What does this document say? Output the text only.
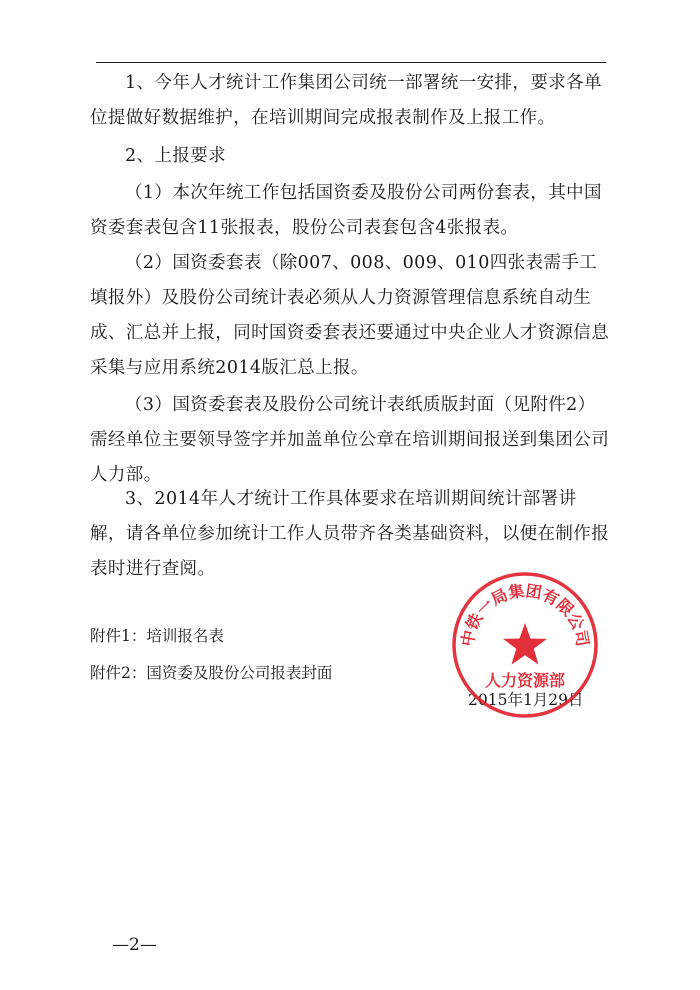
1、今年人才统计工作集团公司统一部署统一安排，要求各单位提做好数据维护，在培训期间完成报表制作及上报工作。

2、上报要求

（1）本次年统工作包括国资委及股份公司两份套表，其中国资委套表包含11张报表，股份公司表套包含4张报表。

（2）国资委套表（除007、008、009、010四张表需手工填报外）及股份公司统计表必须从人力资源管理信息系统自动生成、汇总并上报，同时国资委套表还要通过中央企业人才资源信息采集与应用系统2014版汇总上报。

（3）国资委套表及股份公司统计表纸质版封面（见附件2）需经单位主要领导签字并加盖单位公章在培训期间报送到集团公司人力部。

3、2014年人才统计工作具体要求在培训期间统计部署讲解，请各单位参加统计工作人员带齐各类基础资料，以便在制作报表时进行查阅。

附件1：培训报名表

附件2：国资委及股份公司报表封面

2015年1月29日
中铁一局集团有限公司
人力资源部
—2—
